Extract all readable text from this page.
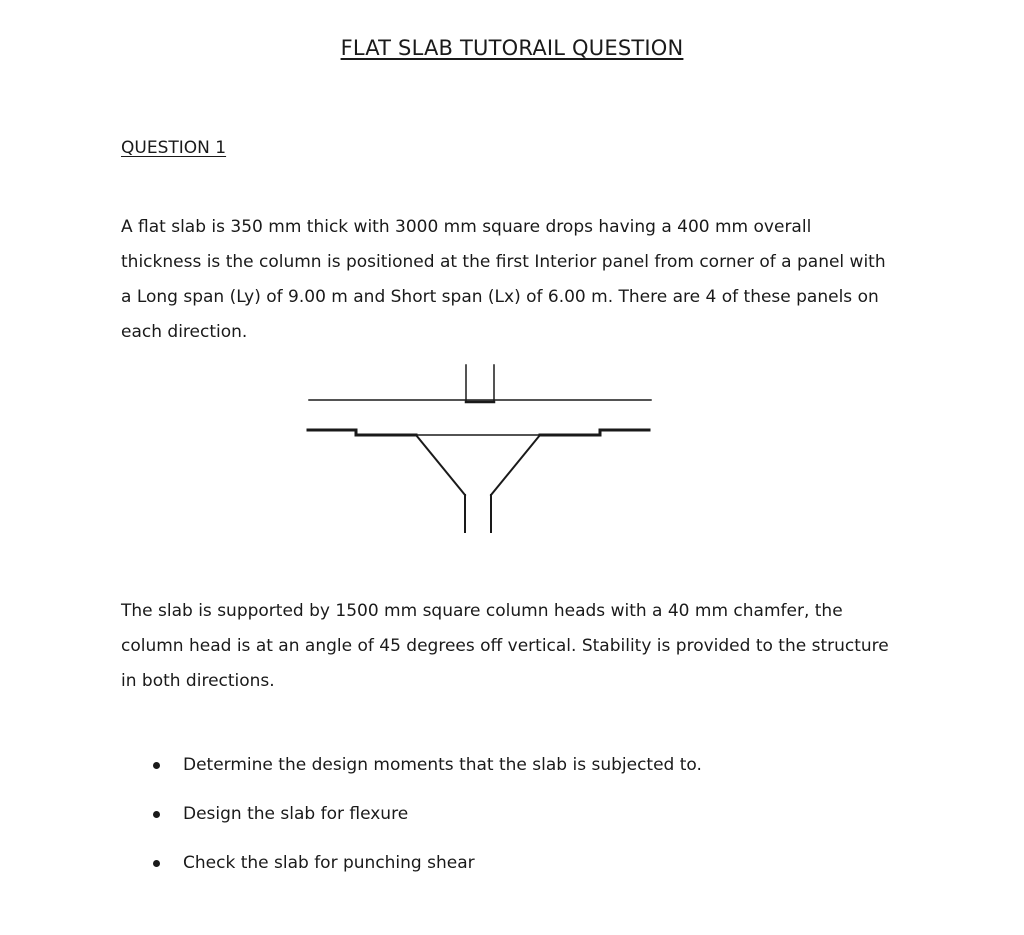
FLAT SLAB TUTORAIL QUESTION
QUESTION 1

A flat slab is 350 mm thick with 3000 mm square drops having a 400 mm overall thickness is the column is positioned at the first Interior panel from corner of a panel with a Long span (Ly) of 9.00 m and Short span (Lx) of 6.00 m. There are 4 of these panels on each direction.

The slab is supported by 1500 mm square column heads with a 40 mm chamfer, the column head is at an angle of 45 degrees off vertical. Stability is provided to the structure in both directions.

Determine the design moments that the slab is subjected to.
Design the slab for flexure
Check the slab for punching shear
